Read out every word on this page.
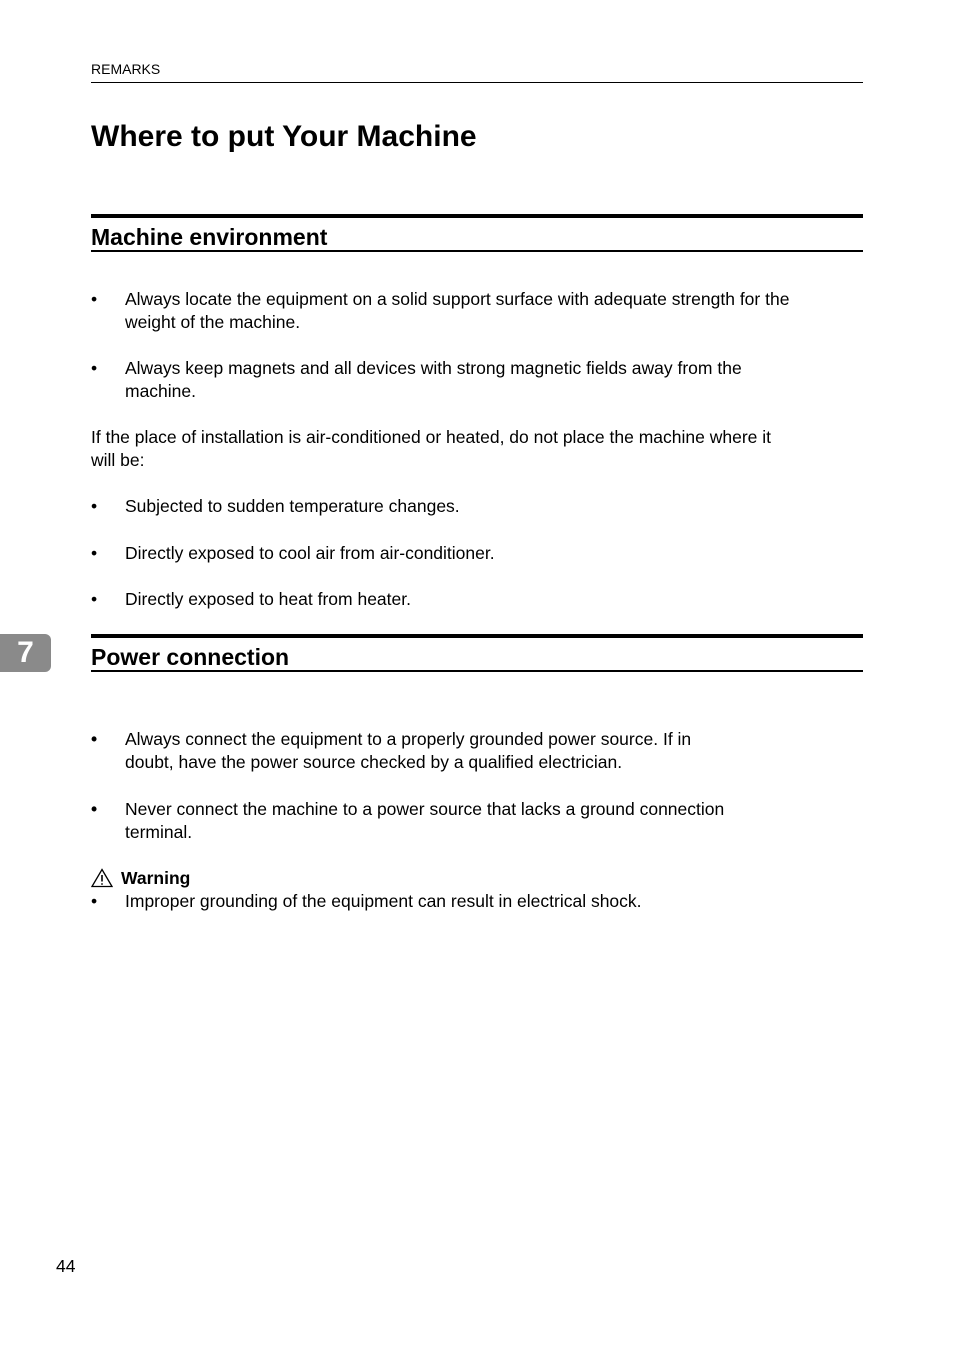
REMARKS
Where to put Your Machine
Machine environment
•	Always locate the equipment on a solid support surface with adequate strength for the
weight of the machine.
•	Always keep magnets and all devices with strong magnetic fields away from the
machine.
If the place of installation is air-conditioned or heated, do not place the machine where it
will be:
•	Subjected to sudden temperature changes.
•	Directly exposed to cool air from air-conditioner.
•	Directly exposed to heat from heater.
7	Power connection
•	Always connect the equipment to a properly grounded power source. If in
doubt, have the power source checked by a qualified electrician.
•	Never connect the machine to a power source that lacks a ground connection
terminal.
Warning
•	Improper grounding of the equipment can result in electrical shock.
44
